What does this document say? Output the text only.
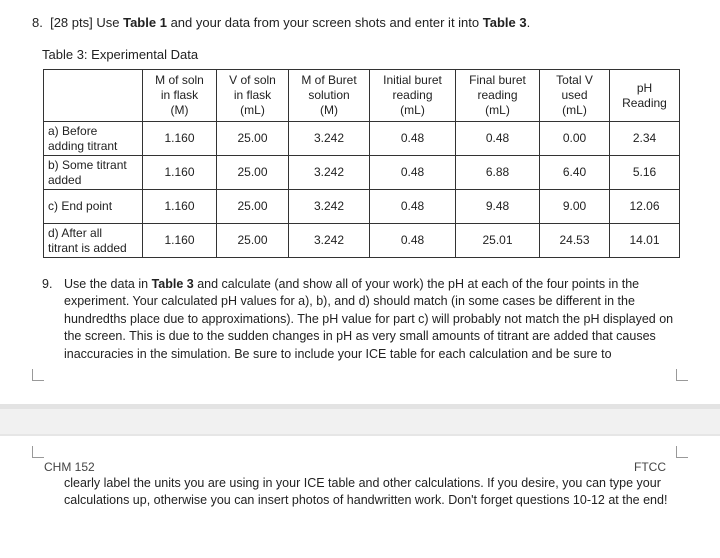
8. [28 pts] Use Table 1 and your data from your screen shots and enter it into Table 3.
Table 3: Experimental Data
	M of soln
in flask
(M)	V of soln
in flask
(mL)	M of Buret
solution
(M)	Initial buret
reading
(mL)	Final buret
reading
(mL)	Total V
used
(mL)	pH
Reading
a) Before
adding titrant	1.160	25.00	3.242	0.48	0.48	0.00	2.34
b) Some titrant
added	1.160	25.00	3.242	0.48	6.88	6.40	5.16
c) End point	1.160	25.00	3.242	0.48	9.48	9.00	12.06
d) After all
titrant is added	1.160	25.00	3.242	0.48	25.01	24.53	14.01
9. Use the data in Table 3 and calculate (and show all of your work) the pH at each of the four points in the experiment. Your calculated pH values for a), b), and d) should match (in some cases be different in the hundredths place due to approximations). The pH value for part c) will probably not match the pH displayed on the screen. This is due to the sudden changes in pH as very small amounts of titrant are added that causes inaccuracies in the simulation. Be sure to include your ICE table for each calculation and be sure to
CHM 152	FTCC
clearly label the units you are using in your ICE table and other calculations. If you desire, you can type your calculations up, otherwise you can insert photos of handwritten work. Don't forget questions 10-12 at the end!
